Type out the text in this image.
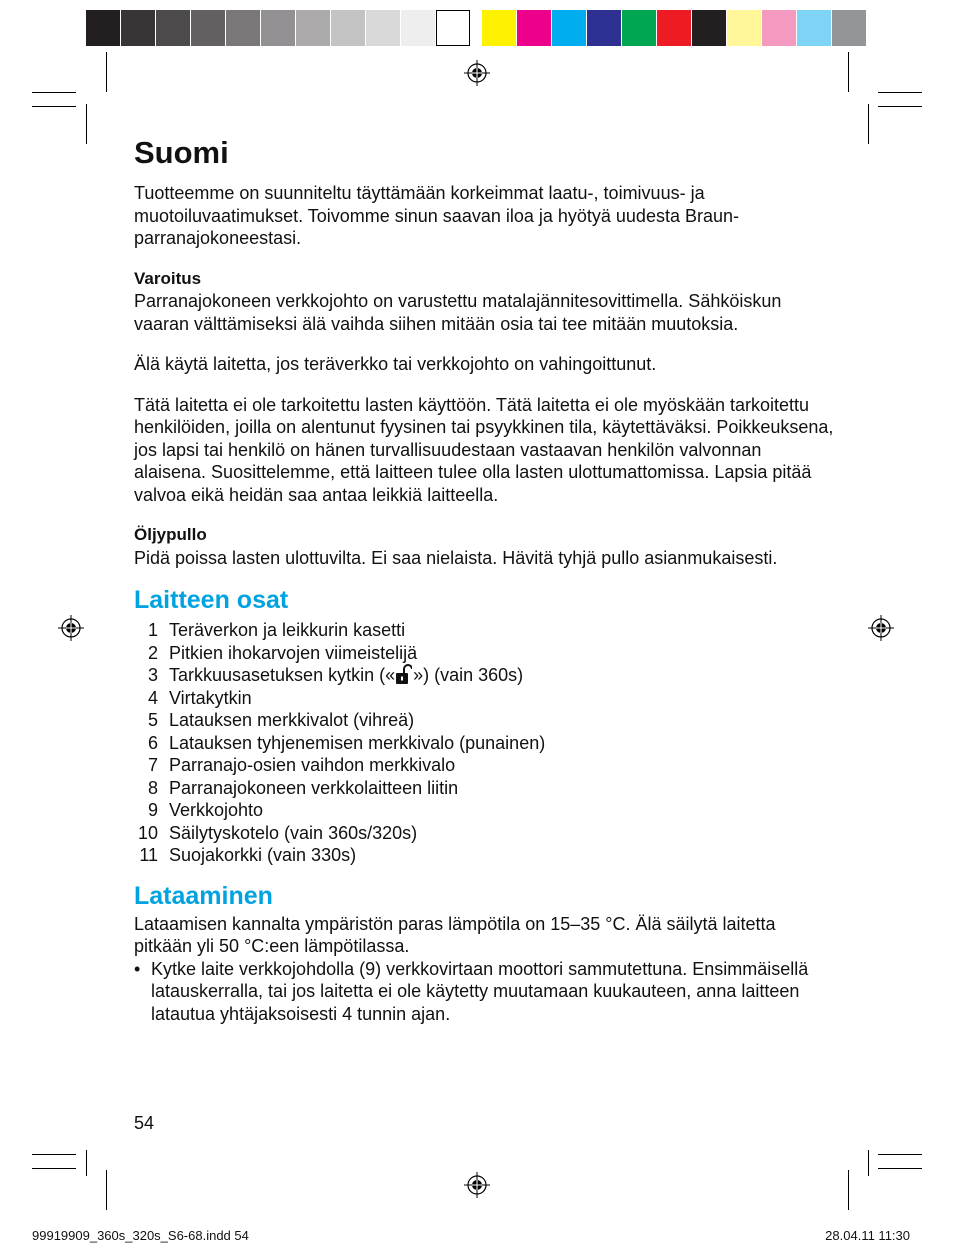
Suomi

Tuotteemme on suunniteltu täyttämään korkeimmat laatu-, toimivuus- ja muotoiluvaatimukset. Toivomme sinun saavan iloa ja hyötyä uudesta Braun-parranajokoneestasi.

Varoitus

Parranajokoneen verkkojohto on varustettu matalajännitesovittimella. Sähköiskun vaaran välttämiseksi älä vaihda siihen mitään osia tai tee mitään muutoksia.

Älä käytä laitetta, jos teräverkko tai verkkojohto on vahingoittunut.

Tätä laitetta ei ole tarkoitettu lasten käyttöön. Tätä laitetta ei ole myöskään tarkoitettu henkilöiden, joilla on alentunut fyysinen tai psyykkinen tila, käytettäväksi. Poikkeuksena, jos lapsi tai henkilö on hänen turvallisuudestaan vastaavan henkilön valvonnan alaisena. Suosittelemme, että laitteen tulee olla lasten ulottumattomissa. Lapsia pitää valvoa eikä heidän saa antaa leikkiä laitteella.

Öljypullo

Pidä poissa lasten ulottuvilta. Ei saa nielaista. Hävitä tyhjä pullo asianmukaisesti.

Laitteen osat
1 Teräverkon ja leikkurin kasetti
2 Pitkien ihokarvojen viimeistelijä
3 Tarkkuusasetuksen kytkin (« ») (vain 360s)
4 Virtakytkin
5 Latauksen merkkivalot (vihreä)
6 Latauksen tyhjenemisen merkkivalo (punainen)
7 Parranajo-osien vaihdon merkkivalo
8 Parranajokoneen verkkolaitteen liitin
9 Verkkojohto
10 Säilytyskotelo (vain 360s/320s)
11 Suojakorkki (vain 330s)
Lataaminen

Lataamisen kannalta ympäristön paras lämpötila on 15–35 °C. Älä säilytä laitetta pitkään yli 50 °C:een lämpötilassa.

• Kytke laite verkkojohdolla (9) verkkovirtaan moottori sammutettuna. Ensimmäisellä latauskerralla, tai jos laitetta ei ole käytetty muutamaan kuukauteen, anna laitteen latautua yhtäjaksoisesti 4 tunnin ajan.
54
99919909_360s_320s_S6-68.indd 54	28.04.11 11:30
